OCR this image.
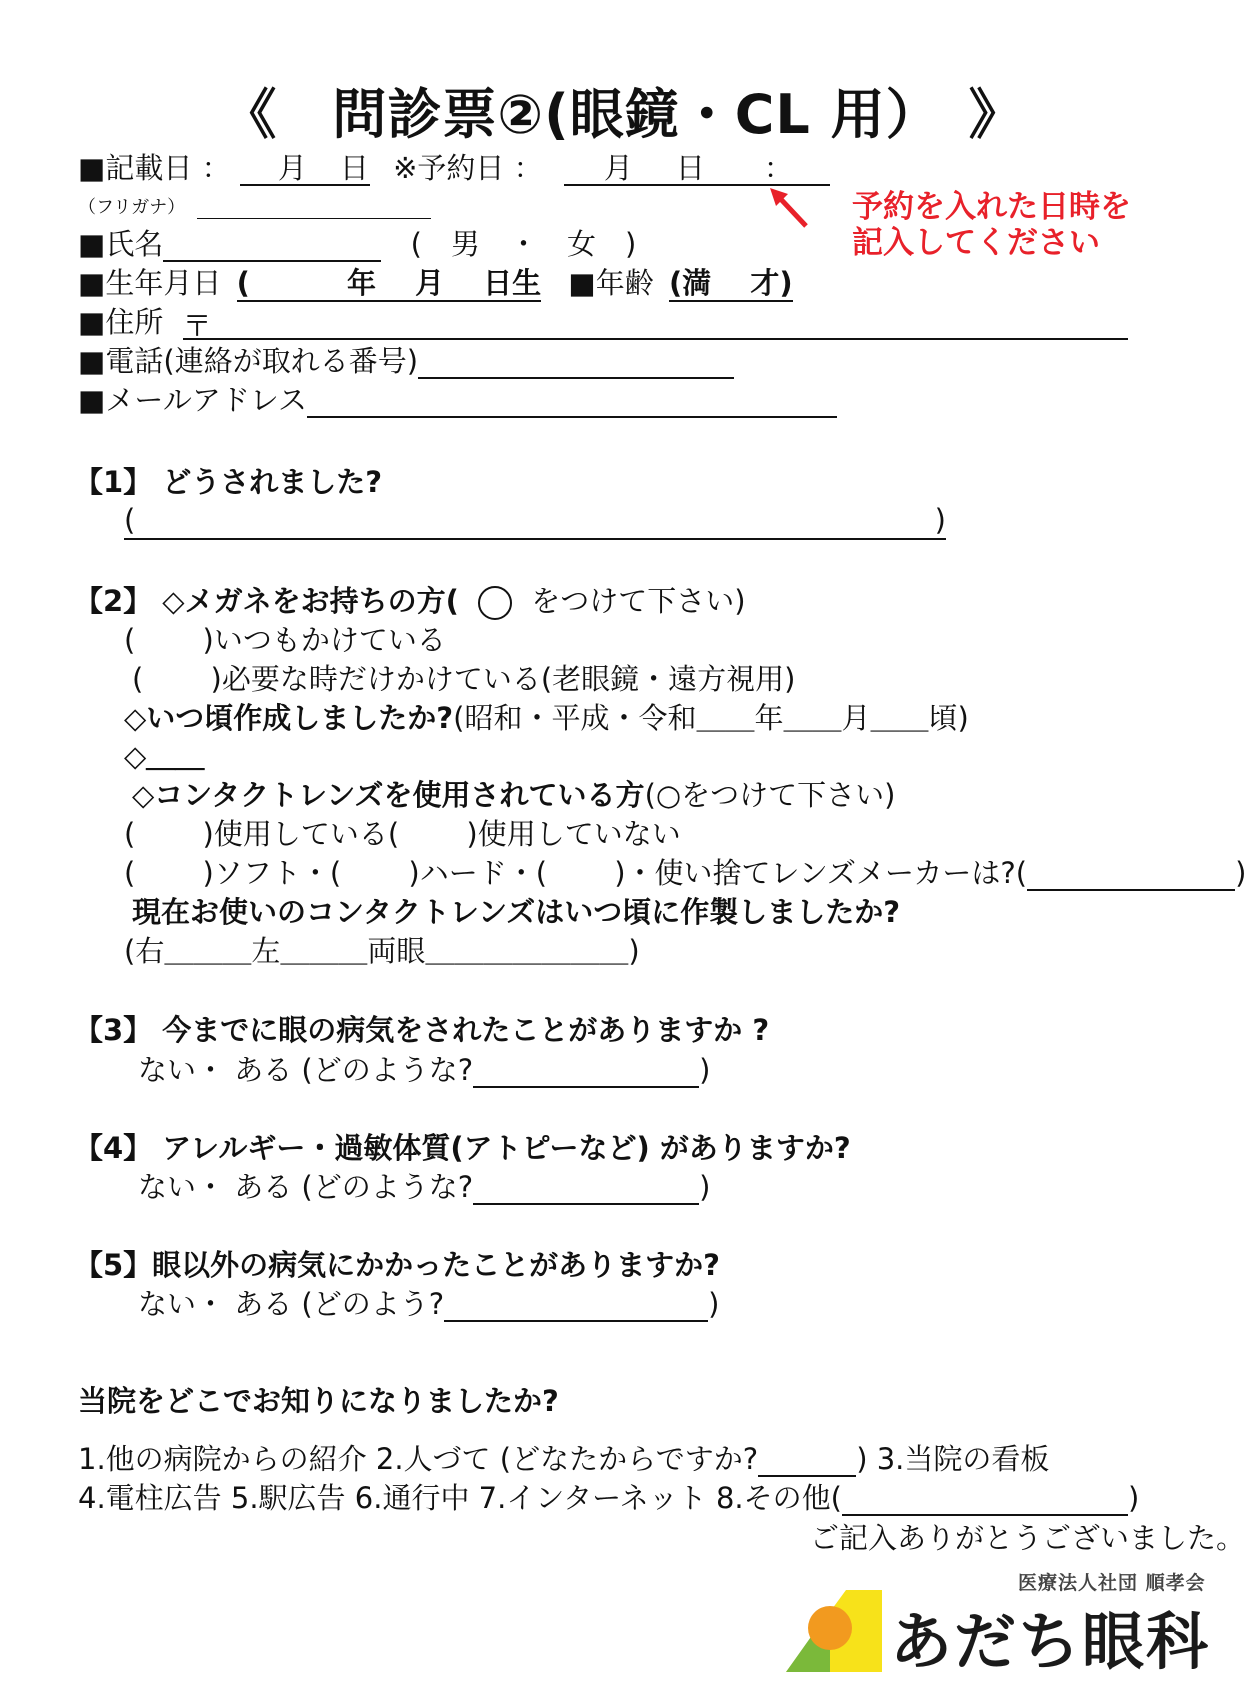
《　問診票②(眼鏡・CL 用）　》
■記載日 ： 月 日 ※予約日 ： 月 日 ：
（フリガナ）
■氏名	(　男　・　女　)
■生年月日 (　　　 年　 月　 日生 ■年齢 (満　 才)
■住所 〒
■電話(連絡が取れる番号)
■メールアドレス
予約を入れた日時を
記入してください
【1】 どうされました?
(	)
【2】 ◇メガネをお持ちの方( ○ をつけて下さい)
(　　 )いつもかけている
(　　 )必要な時だけかけている(老眼鏡・遠方視用)
◇いつ頃作成しましたか?(昭和・平成・令和＿＿年＿＿月＿＿頃)
◇＿＿
◇コンタクトレンズを使用されている方(○をつけて下さい)
(　　 )使用している(　　 )使用していない
(　　 )ソフト・(　　 )ハード・(　　 )・使い捨てレンズメーカーは?(	)
現在お使いのコンタクトレンズはいつ頃に作製しましたか?
(右＿＿＿左＿＿＿両眼＿＿＿＿＿＿＿)
【3】 今までに眼の病気をされたことがありますか ?
ない・ ある (どのような?	)
【4】 アレルギー・過敏体質(アトピーなど) がありますか?
ない・ ある (どのような?	)
【5】眼以外の病気にかかったことがありますか?
ない・ ある (どのよう?	)
当院をどこでお知りになりましたか?
1.他の病院からの紹介 2.人づて (どなたからですか?	) 3.当院の看板
4.電柱広告 5.駅広告 6.通行中 7.インターネット 8.その他(	)
ご記入ありがとうございました。
医療法人社団 順孝会
あだち眼科
